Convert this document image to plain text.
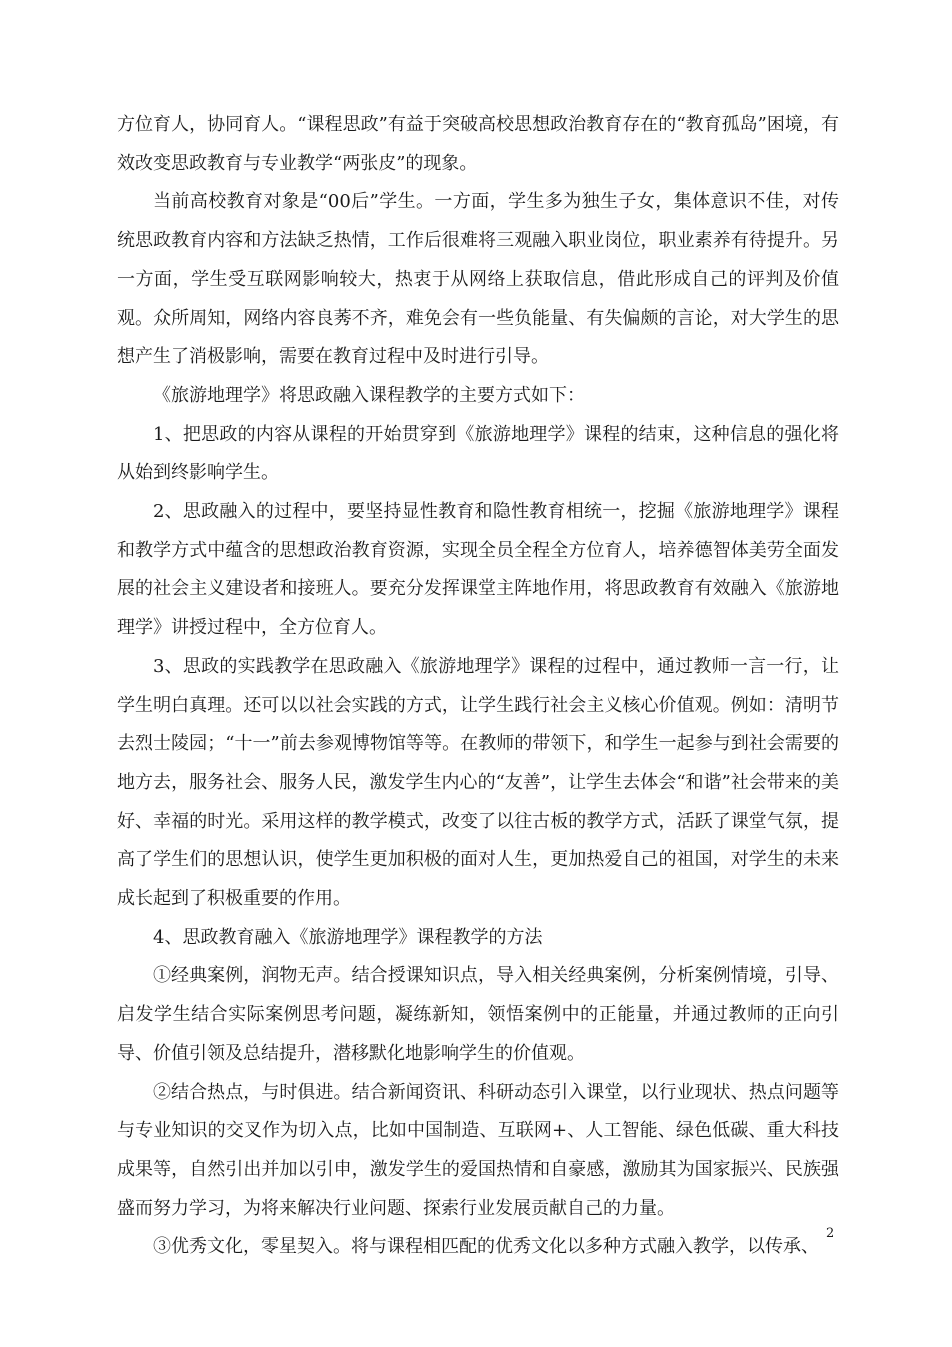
方位育人，协同育人。“课程思政”有益于突破高校思想政治教育存在的“教育孤岛”困境，有效改变思政教育与专业教学“两张皮”的现象。

当前高校教育对象是“00后”学生。一方面，学生多为独生子女，集体意识不佳，对传统思政教育内容和方法缺乏热情，工作后很难将三观融入职业岗位，职业素养有待提升。另一方面，学生受互联网影响较大，热衷于从网络上获取信息，借此形成自己的评判及价值观。众所周知，网络内容良莠不齐，难免会有一些负能量、有失偏颇的言论，对大学生的思想产生了消极影响，需要在教育过程中及时进行引导。

《旅游地理学》将思政融入课程教学的主要方式如下：

1、把思政的内容从课程的开始贯穿到《旅游地理学》课程的结束，这种信息的强化将从始到终影响学生。

2、思政融入的过程中，要坚持显性教育和隐性教育相统一，挖掘《旅游地理学》课程和教学方式中蕴含的思想政治教育资源，实现全员全程全方位育人，培养德智体美劳全面发展的社会主义建设者和接班人。要充分发挥课堂主阵地作用，将思政教育有效融入《旅游地理学》讲授过程中，全方位育人。

3、思政的实践教学在思政融入《旅游地理学》课程的过程中，通过教师一言一行，让学生明白真理。还可以以社会实践的方式，让学生践行社会主义核心价值观。例如：清明节去烈士陵园；“十一”前去参观博物馆等等。在教师的带领下，和学生一起参与到社会需要的地方去，服务社会、服务人民，激发学生内心的“友善”，让学生去体会“和谐”社会带来的美好、幸福的时光。采用这样的教学模式，改变了以往古板的教学方式，活跃了课堂气氛，提高了学生们的思想认识，使学生更加积极的面对人生，更加热爱自己的祖国，对学生的未来成长起到了积极重要的作用。

4、思政教育融入《旅游地理学》课程教学的方法

①经典案例，润物无声。结合授课知识点，导入相关经典案例，分析案例情境，引导、启发学生结合实际案例思考问题，凝练新知，领悟案例中的正能量，并通过教师的正向引导、价值引领及总结提升，潜移默化地影响学生的价值观。

②结合热点，与时俱进。结合新闻资讯、科研动态引入课堂，以行业现状、热点问题等与专业知识的交叉作为切入点，比如中国制造、互联网+、人工智能、绿色低碳、重大科技成果等，自然引出并加以引申，激发学生的爱国热情和自豪感，激励其为国家振兴、民族强盛而努力学习，为将来解决行业问题、探索行业发展贡献自己的力量。

③优秀文化，零星契入。将与课程相匹配的优秀文化以多种方式融入教学，以传承、

2
